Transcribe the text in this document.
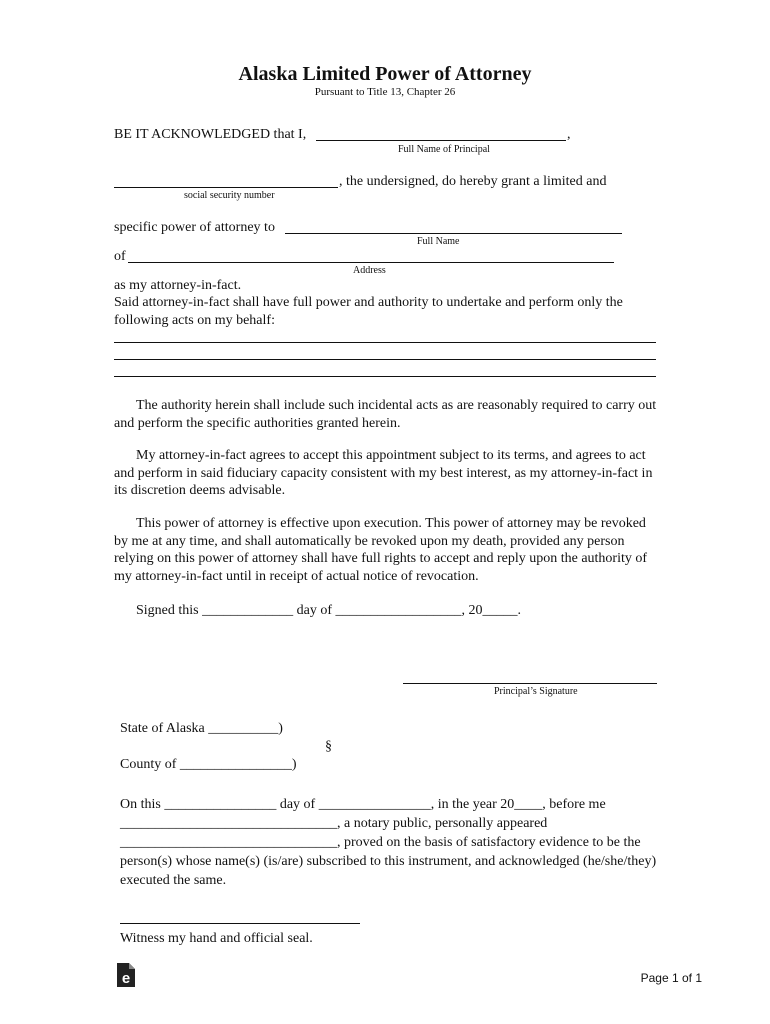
Alaska Limited Power of Attorney
Pursuant to Title 13, Chapter 26
BE IT ACKNOWLEDGED that I,	,
Full Name of Principal
, the undersigned, do hereby grant a limited and
social security number
specific power of attorney to
Full Name
of
Address
as my attorney-in-fact.
Said attorney-in-fact shall have full power and authority to undertake and perform only the following acts on my behalf:
The authority herein shall include such incidental acts as are reasonably required to carry out and perform the specific authorities granted herein.
My attorney-in-fact agrees to accept this appointment subject to its terms, and agrees to act and perform in said fiduciary capacity consistent with my best interest, as my attorney-in-fact in its discretion deems advisable.
This power of attorney is effective upon execution. This power of attorney may be revoked by me at any time, and shall automatically be revoked upon my death, provided any person relying on this power of attorney shall have full rights to accept and reply upon the authority of my attorney-in-fact until in receipt of actual notice of revocation.
Signed this _____________ day of __________________, 20_____.
Principal’s Signature
State of Alaska __________)
§
County of ________________)
On this ________________ day of ________________, in the year 20____, before me
_______________________________, a notary public, personally appeared
_______________________________, proved on the basis of satisfactory evidence to be the
person(s) whose name(s) (is/are) subscribed to this instrument, and acknowledged (he/she/they)
executed the same.
Witness my hand and official seal.
e	Page 1 of 1
